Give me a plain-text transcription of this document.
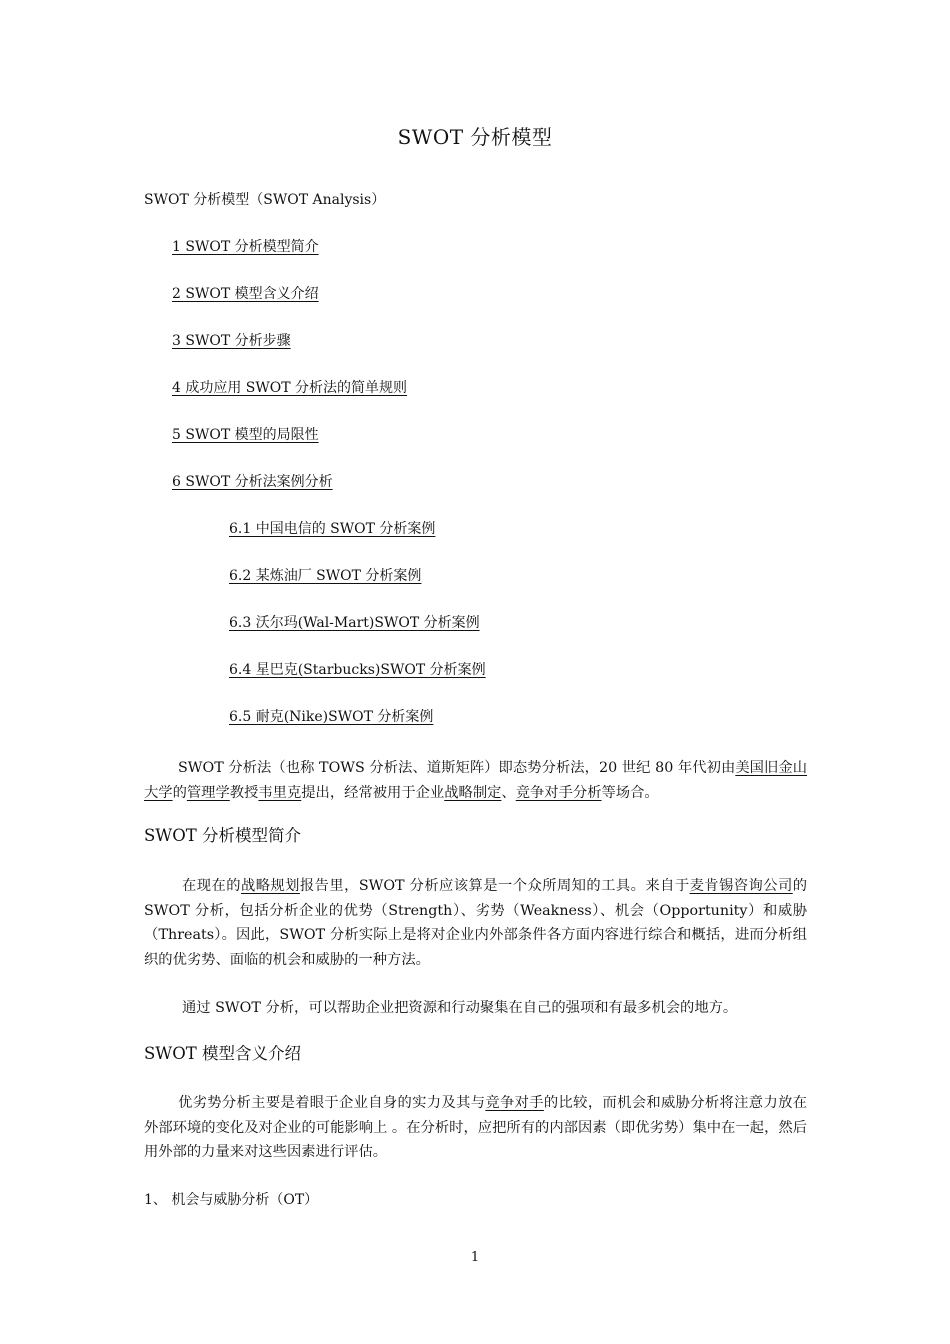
SWOT 分析模型
SWOT 分析模型（SWOT Analysis）
1 SWOT 分析模型简介
2 SWOT 模型含义介绍
3 SWOT 分析步骤
4 成功应用 SWOT 分析法的简单规则
5 SWOT 模型的局限性
6 SWOT 分析法案例分析
6.1 中国电信的 SWOT 分析案例
6.2 某炼油厂 SWOT 分析案例
6.3 沃尔玛(Wal-Mart)SWOT 分析案例
6.4 星巴克(Starbucks)SWOT 分析案例
6.5 耐克(Nike)SWOT 分析案例

SWOT 分析法（也称 TOWS 分析法、道斯矩阵）即态势分析法，20 世纪 80 年代初由美国旧金山大学的管理学教授韦里克提出，经常被用于企业战略制定、竞争对手分析等场合。

SWOT 分析模型简介

在现在的战略规划报告里，SWOT 分析应该算是一个众所周知的工具。来自于麦肯锡咨询公司的 SWOT 分析，包括分析企业的优势（Strength）、劣势（Weakness）、机会（Opportunity）和威胁（Threats）。因此，SWOT 分析实际上是将对企业内外部条件各方面内容进行综合和概括，进而分析组织的优劣势、面临的机会和威胁的一种方法。

通过 SWOT 分析，可以帮助企业把资源和行动聚集在自己的强项和有最多机会的地方。

SWOT 模型含义介绍

优劣势分析主要是着眼于企业自身的实力及其与竞争对手的比较，而机会和威胁分析将注意力放在外部环境的变化及对企业的可能影响上 。在分析时，应把所有的内部因素（即优劣势）集中在一起，然后用外部的力量来对这些因素进行评估。

1、 机会与威胁分析（OT）
1
